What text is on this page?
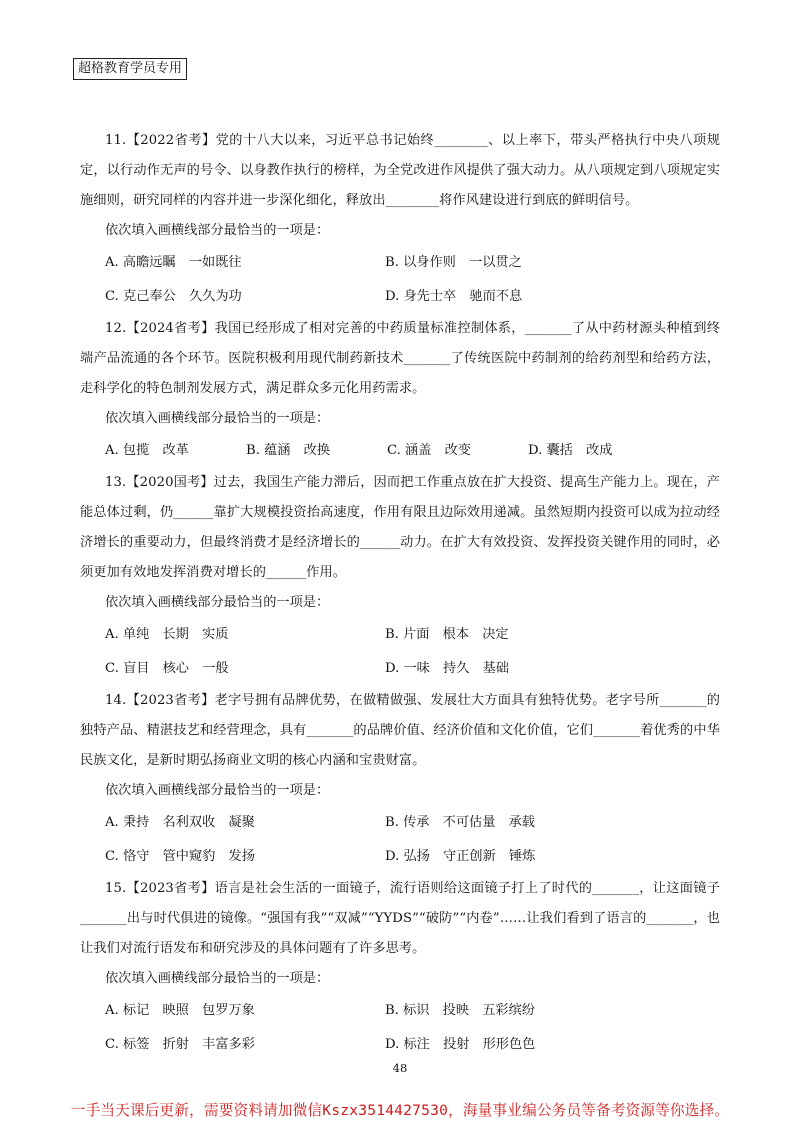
超格教育学员专用

11.【2022省考】党的十八大以来，习近平总书记始终________、以上率下，带头严格执行中央八项规定，以行动作无声的号令、以身教作执行的榜样，为全党改进作风提供了强大动力。从八项规定到八项规定实施细则，研究同样的内容并进一步深化细化，释放出________将作风建设进行到底的鲜明信号。

依次填入画横线部分最恰当的一项是：

A. 高瞻远瞩　一如既往	B. 以身作则　一以贯之
C. 克己奉公　久久为功	D. 身先士卒　驰而不息

12.【2024省考】我国已经形成了相对完善的中药质量标准控制体系，_______了从中药材源头种植到终端产品流通的各个环节。医院积极利用现代制药新技术_______了传统医院中药制剂的给药剂型和给药方法，走科学化的特色制剂发展方式，满足群众多元化用药需求。

依次填入画横线部分最恰当的一项是：

A. 包揽　改革	B. 蕴涵　改换	C. 涵盖　改变	D. 囊括　改成

13.【2020国考】过去，我国生产能力滞后，因而把工作重点放在扩大投资、提高生产能力上。现在，产能总体过剩，仍______靠扩大规模投资抬高速度，作用有限且边际效用递减。虽然短期内投资可以成为拉动经济增长的重要动力，但最终消费才是经济增长的______动力。在扩大有效投资、发挥投资关键作用的同时，必须更加有效地发挥消费对增长的______作用。

依次填入画横线部分最恰当的一项是：

A. 单纯　长期　实质	B. 片面　根本　决定
C. 盲目　核心　一般	D. 一味　持久　基础

14.【2023省考】老字号拥有品牌优势，在做精做强、发展壮大方面具有独特优势。老字号所_______的独特产品、精湛技艺和经营理念，具有_______的品牌价值、经济价值和文化价值，它们_______着优秀的中华民族文化，是新时期弘扬商业文明的核心内涵和宝贵财富。

依次填入画横线部分最恰当的一项是：

A. 秉持　名利双收　凝聚	B. 传承　不可估量　承载
C. 恪守　管中窥豹　发扬	D. 弘扬　守正创新　锤炼

15.【2023省考】语言是社会生活的一面镜子，流行语则给这面镜子打上了时代的_______，让这面镜子_______出与时代俱进的镜像。“强国有我”“双减”“YYDS”“破防”“内卷”……让我们看到了语言的_______，也让我们对流行语发布和研究涉及的具体问题有了许多思考。

依次填入画横线部分最恰当的一项是：

A. 标记　映照　包罗万象	B. 标识　投映　五彩缤纷
C. 标签　折射　丰富多彩	D. 标注　投射　形形色色
48
一手当天课后更新，需要资料请加微信Kszx3514427530，海量事业编公务员等备考资源等你选择。
